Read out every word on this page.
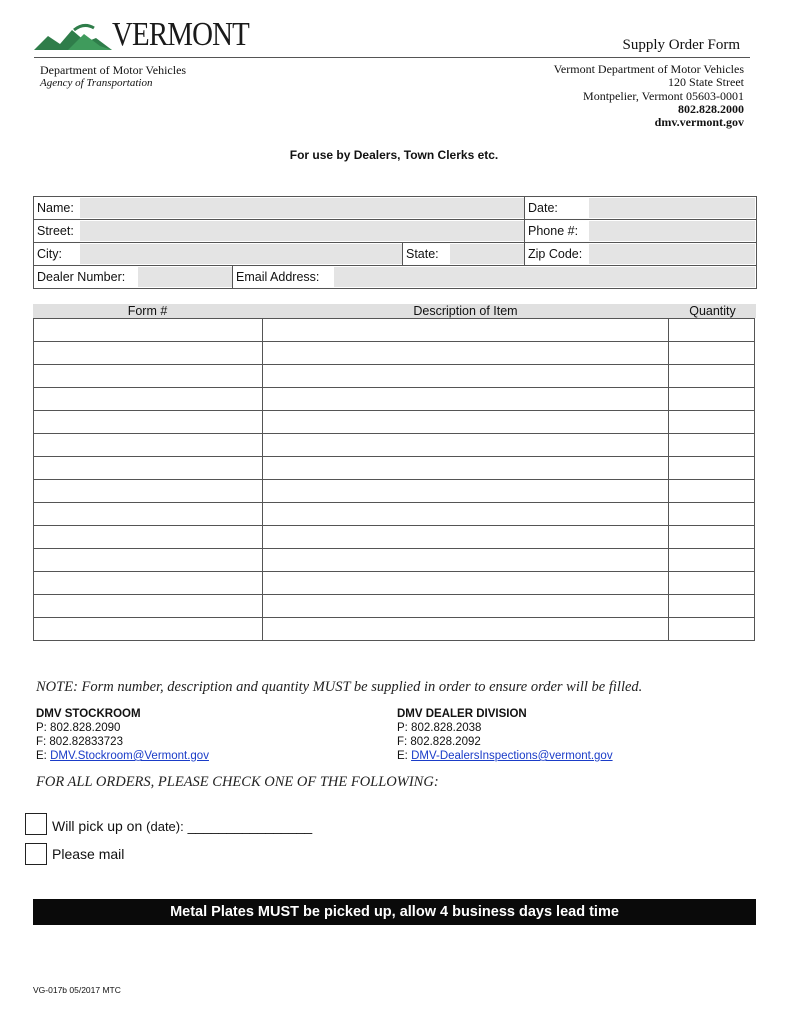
VERMONT	Supply Order Form
Department of Motor Vehicles
Agency of Transportation
Vermont Department of Motor Vehicles
120 State Street
Montpelier, Vermont 05603-0001
802.828.2000
dmv.vermont.gov
For use by Dealers, Town Clerks etc.
Name:	Date:
Street:	Phone #:
City:	State:	Zip Code:
Dealer Number:	Email Address:
Form #	Description of Item	Quantity

NOTE: Form number, description and quantity MUST be supplied in order to ensure order will be filled.
DMV STOCKROOM
P: 802.828.2090
F: 802.82833723
E: DMV.Stockroom@Vermont.gov
DMV DEALER DIVISION
P: 802.828.2038
F: 802.828.2092
E: DMV-DealersInspections@vermont.gov
FOR ALL ORDERS, PLEASE CHECK ONE OF THE FOLLOWING:
Will pick up on (date): ________________
Please mail
Metal Plates MUST be picked up, allow 4 business days lead time
VG-017b 05/2017 MTC
